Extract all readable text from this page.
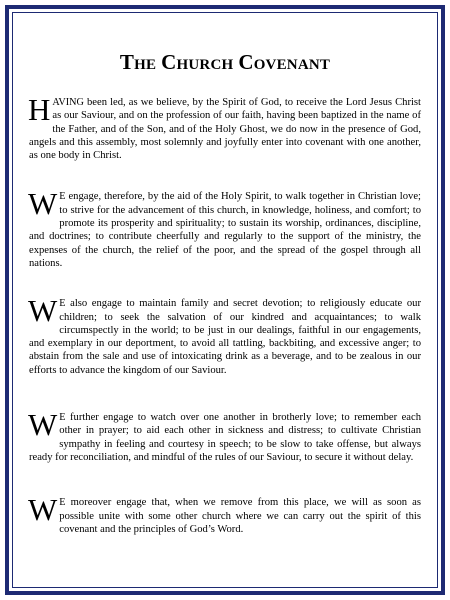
THE CHURCH COVENANT

HAVING been led, as we believe, by the Spirit of God, to receive the Lord Jesus Christ as our Saviour, and on the profession of our faith, having been baptized in the name of the Father, and of the Son, and of the Holy Ghost, we do now in the presence of God, angels and this assembly, most solemnly and joyfully enter into covenant with one another, as one body in Christ.

W E engage, therefore, by the aid of the Holy Spirit, to walk together in Christian love; to strive for the advancement of this church, in knowledge, holiness, and comfort; to promote its prosperity and spirituality; to sustain its worship, ordinances, discipline, and doctrines; to contribute cheerfully and regularly to the support of the ministry, the expenses of the church, the relief of the poor, and the spread of the gospel through all nations.

W E also engage to maintain family and secret devotion; to religiously educate our children; to seek the salvation of our kindred and acquaintances; to walk circumspectly in the world; to be just in our dealings, faithful in our engagements, and exemplary in our deportment, to avoid all tattling, backbiting, and excessive anger; to abstain from the sale and use of intoxicating drink as a beverage, and to be zealous in our efforts to advance the kingdom of our Saviour.

W E further engage to watch over one another in brotherly love; to remember each other in prayer; to aid each other in sickness and distress; to cultivate Christian sympathy in feeling and courtesy in speech; to be slow to take offense, but always ready for reconciliation, and mindful of the rules of our Saviour, to secure it without delay.

W E moreover engage that, when we remove from this place, we will as soon as possible unite with some other church where we can carry out the spirit of this covenant and the principles of God’s Word.
